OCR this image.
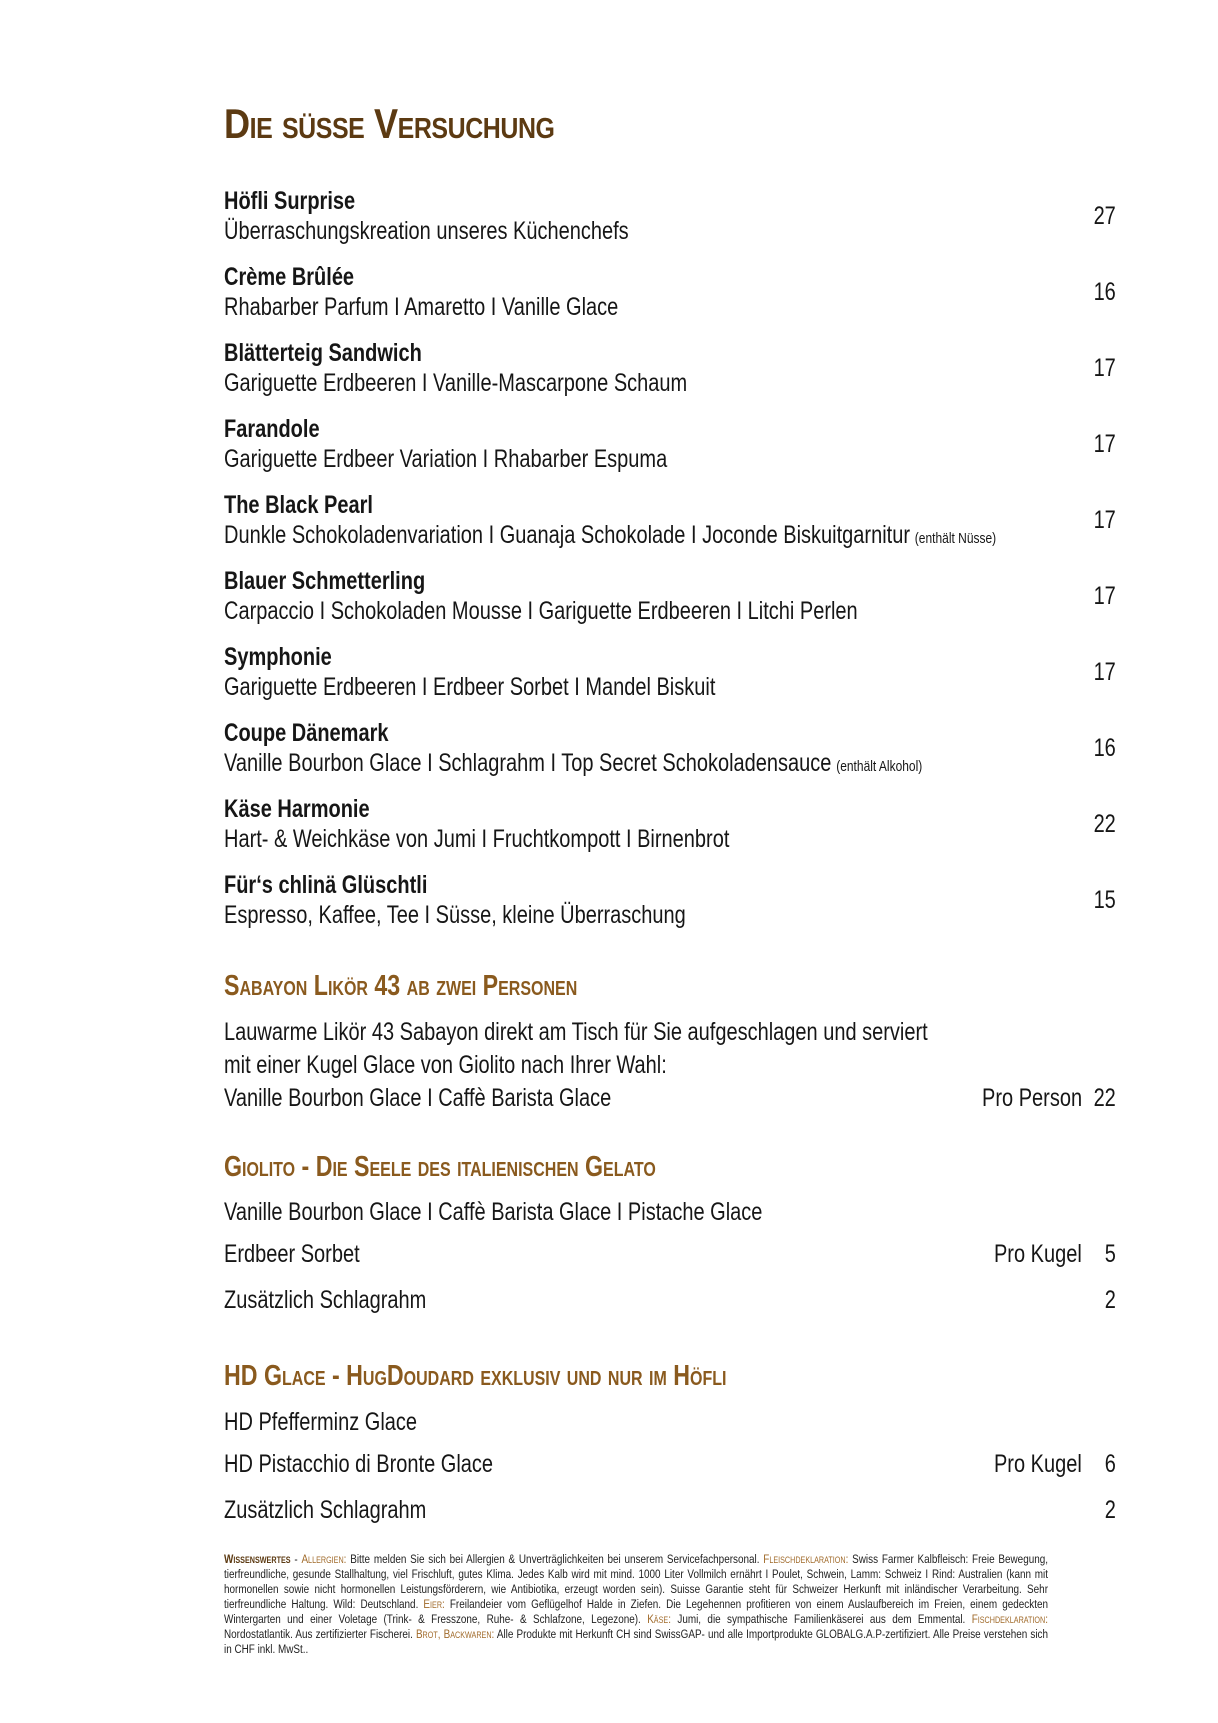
Die süsse Versuchung
Höfli Surprise
Überraschungskreation unseres Küchenchefs
27
Crème Brûlée
Rhabarber Parfum I Amaretto I Vanille Glace
16
Blätterteig Sandwich
Gariguette Erdbeeren I Vanille-Mascarpone Schaum
17
Farandole
Gariguette Erdbeer Variation I Rhabarber Espuma
17
The Black Pearl
Dunkle Schokoladenvariation I Guanaja Schokolade I Joconde Biskuitgarnitur (enthält Nüsse)
17
Blauer Schmetterling
Carpaccio I Schokoladen Mousse I Gariguette Erdbeeren I Litchi Perlen
17
Symphonie
Gariguette Erdbeeren I Erdbeer Sorbet I Mandel Biskuit
17
Coupe Dänemark
Vanille Bourbon Glace I Schlagrahm I Top Secret Schokoladensauce (enthält Alkohol)
16
Käse Harmonie
Hart- & Weichkäse von Jumi I Fruchtkompott I Birnenbrot
22
Für‘s chlinä Glüschtli
Espresso, Kaffee, Tee I Süsse, kleine Überraschung
15
Sabayon Likör 43 ab zwei Personen
Lauwarme Likör 43 Sabayon direkt am Tisch für Sie aufgeschlagen und serviert
mit einer Kugel Glace von Giolito nach Ihrer Wahl:
Vanille Bourbon Glace I Caffè Barista Glace	Pro Person 22
Giolito - Die Seele des italienischen Gelato
Vanille Bourbon Glace I Caffè Barista Glace I Pistache Glace
Erdbeer Sorbet	Pro Kugel 5
Zusätzlich Schlagrahm	2
HD Glace - HugDoudard exklusiv und nur im Höfli
HD Pfefferminz Glace
HD Pistacchio di Bronte Glace	Pro Kugel 6
Zusätzlich Schlagrahm	2
Wissenswertes - Allergien: Bitte melden Sie sich bei Allergien & Unverträglichkeiten bei unserem Servicefachpersonal. Fleischdeklaration: Swiss Farmer Kalbfleisch: Freie Bewegung, tierfreundliche, gesunde Stallhaltung, viel Frischluft, gutes Klima. Jedes Kalb wird mit mind. 1000 Liter Vollmilch ernährt I Poulet, Schwein, Lamm: Schweiz I Rind: Australien (kann mit hormonellen sowie nicht hormonellen Leistungsförderern, wie Antibiotika, erzeugt worden sein). Suisse Garantie steht für Schweizer Herkunft mit inländischer Verarbeitung. Sehr tierfreundliche Haltung. Wild: Deutschland. Eier: Freilandeier vom Geflügelhof Halde in Ziefen. Die Legehennen profitieren von einem Auslaufbereich im Freien, einem gedeckten Wintergarten und einer Voletage (Trink- & Fresszone, Ruhe- & Schlafzone, Legezone). Käse: Jumi, die sympathische Familienkäserei aus dem Emmental. Fischdeklaration: Nordostatlantik. Aus zertifizierter Fischerei. Brot, Backwaren: Alle Produkte mit Herkunft CH sind SwissGAP- und alle Importprodukte GLOBALG.A.P-zertifiziert. Alle Preise verstehen sich in CHF inkl. MwSt..
